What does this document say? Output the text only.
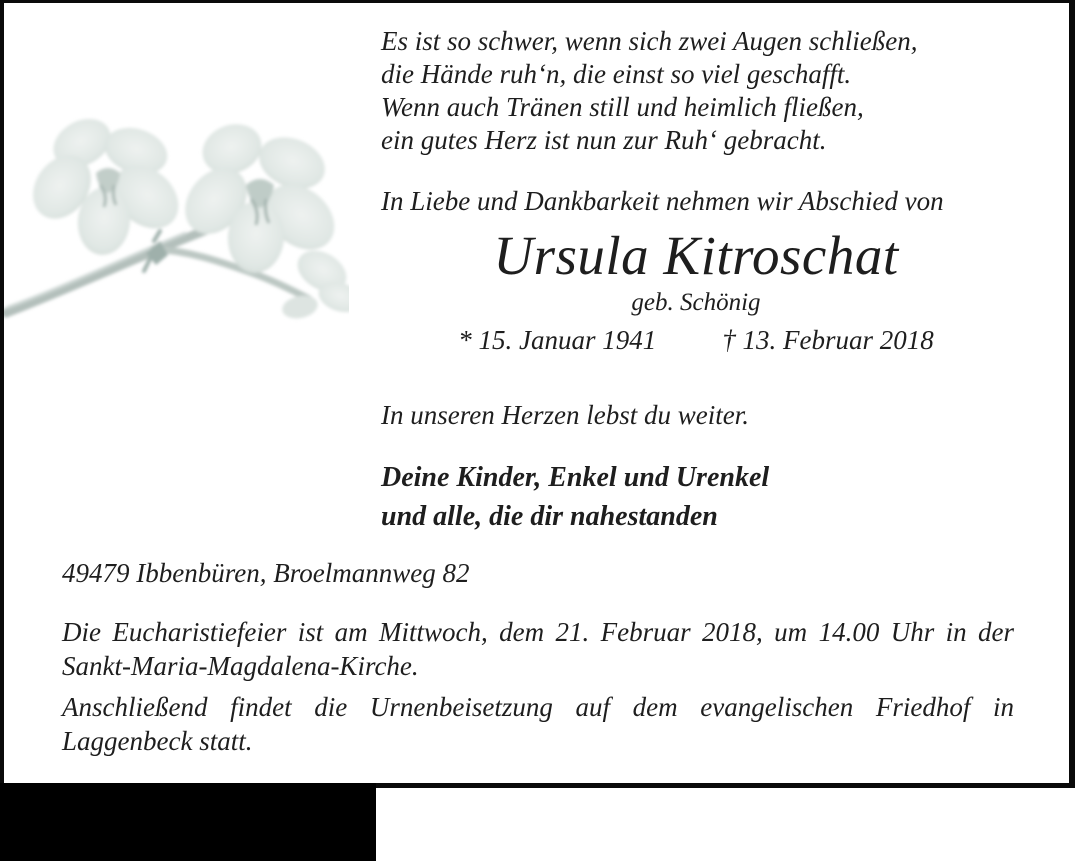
Es ist so schwer, wenn sich zwei Augen schließen,
die Hände ruh‘n, die einst so viel geschafft.
Wenn auch Tränen still und heimlich fließen,
ein gutes Herz ist nun zur Ruh‘ gebracht.
In Liebe und Dankbarkeit nehmen wir Abschied von
Ursula Kitroschat
geb. Schönig
* 15. Januar 1941 † 13. Februar 2018
In unseren Herzen lebst du weiter.
Deine Kinder, Enkel und Urenkel
und alle, die dir nahestanden
49479 Ibbenbüren, Broelmannweg 82
Die Eucharistiefeier ist am Mittwoch, dem 21. Februar 2018, um 14.00 Uhr in der Sankt-Maria-Magdalena-Kirche.
Anschließend findet die Urnenbeisetzung auf dem evangelischen Friedhof in Laggenbeck statt.
